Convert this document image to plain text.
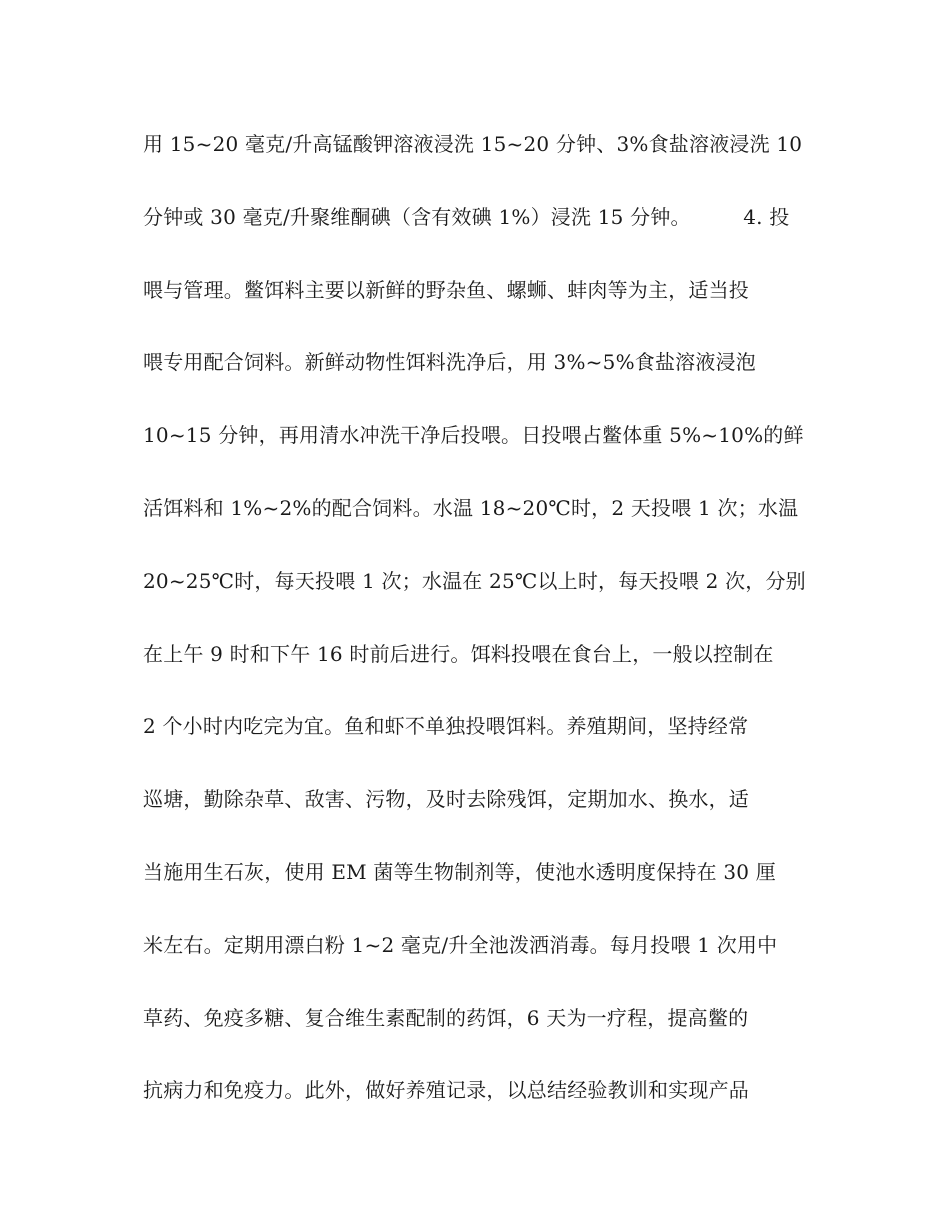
用 15~20 毫克/升高锰酸钾溶液浸洗 15~20 分钟、3%食盐溶液浸洗 10
分钟或 30 毫克/升聚维酮碘（含有效碘 1%）浸洗 15 分钟。        4. 投
喂与管理。鳖饵料主要以新鲜的野杂鱼、螺蛳、蚌肉等为主，适当投
喂专用配合饲料。新鲜动物性饵料洗净后，用 3%~5%食盐溶液浸泡
10~15 分钟，再用清水冲洗干净后投喂。日投喂占鳖体重 5%~10%的鲜
活饵料和 1%~2%的配合饲料。水温 18~20℃时，2 天投喂 1 次；水温
20~25℃时，每天投喂 1 次；水温在 25℃以上时，每天投喂 2 次，分别
在上午 9 时和下午 16 时前后进行。饵料投喂在食台上，一般以控制在
2 个小时内吃完为宜。鱼和虾不单独投喂饵料。养殖期间，坚持经常
巡塘，勤除杂草、敌害、污物，及时去除残饵，定期加水、换水，适
当施用生石灰，使用 EM 菌等生物制剂等，使池水透明度保持在 30 厘
米左右。定期用漂白粉 1~2 毫克/升全池泼洒消毒。每月投喂 1 次用中
草药、免疫多糖、复合维生素配制的药饵，6 天为一疗程，提高鳖的
抗病力和免疫力。此外，做好养殖记录，以总结经验教训和实现产品
